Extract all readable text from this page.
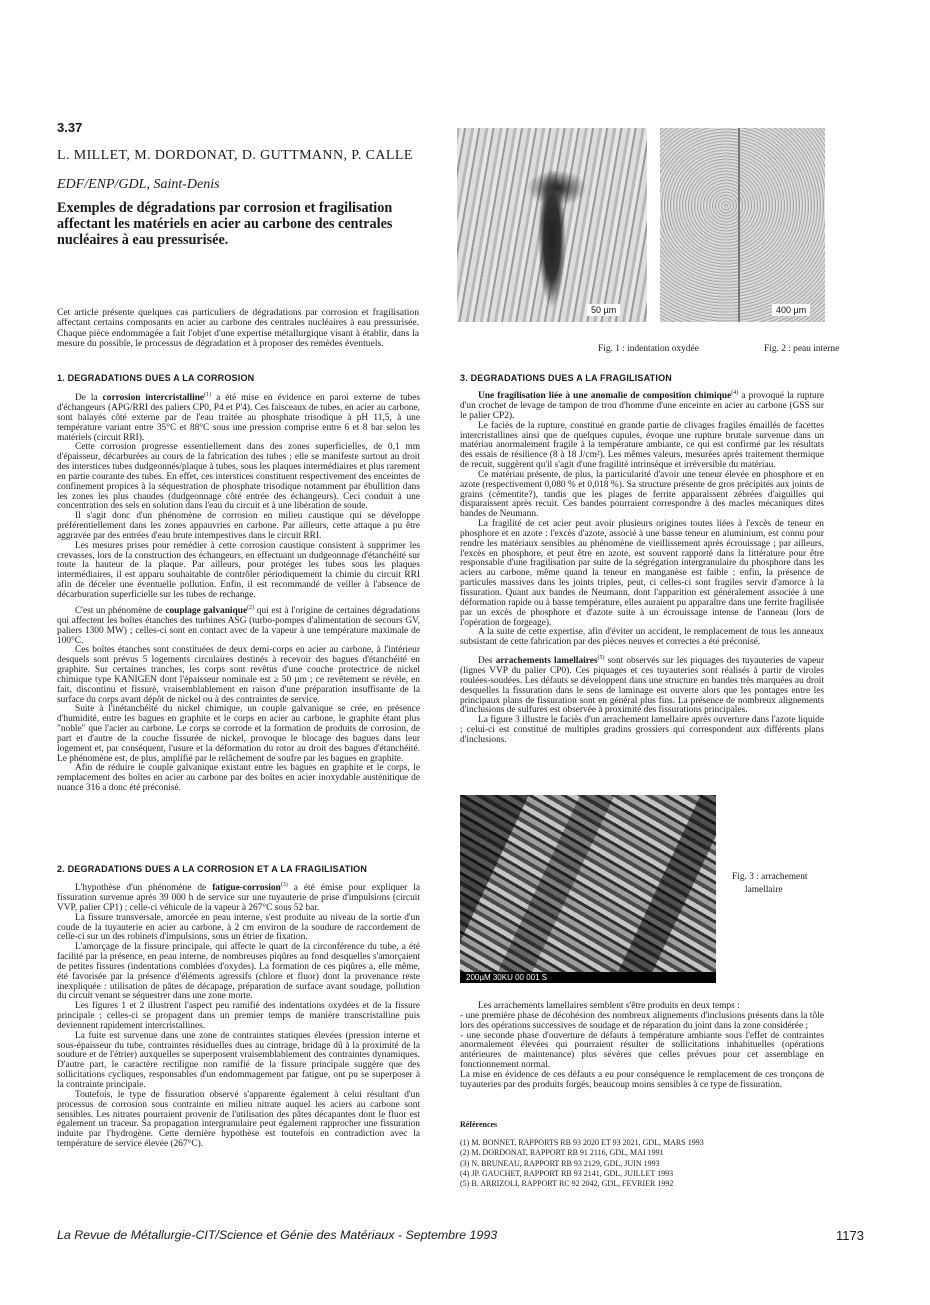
3.37
L. MILLET, M. DORDONAT, D. GUTTMANN, P. CALLE
EDF/ENP/GDL, Saint-Denis
Exemples de dégradations par corrosion et fragilisation affectant les matériels en acier au carbone des centrales nucléaires à eau pressurisée.
Cet article présente quelques cas particuliers de dégradations par corrosion et fragilisation affectant certains composants en acier au carbone des centrales nucléaires à eau pressurisée. Chaque pièce endommagée a fait l'objet d'une expertise métallurgique visant à établir, dans la mesure du possible, le processus de dégradation et à proposer des remèdes éventuels.
50 µm	400 µm
Fig. 1 : indentation oxydée	Fig. 2 : peau interne
1. DEGRADATIONS DUES A LA CORROSION

De la corrosion intercristalline$^{(1)}$ a été mise en évidence en paroi externe de tubes d'échangeurs (APG/RRI des paliers CP0, P4 et P'4). Ces faisceaux de tubes, en acier au carbone, sont balayés côté externe par de l'eau traitée au phosphate trisodique à pH 11,5, à une température variant entre 35°C et 88°C sous une pression comprise entre 6 et 8 bar selon les matériels (circuit RRI).

Cette corrosion progresse essentiellement dans des zones superficielles, de 0,1 mm d'épaisseur, décarburées au cours de la fabrication des tubes ; elle se manifeste surtout au droit des interstices tubes dudgeonnés/plaque à tubes, sous les plaques intermédiaires et plus rarement en partie courante des tubes. En effet, ces interstices constituent respectivement des enceintes de confinement propices à la séquestration de phosphate trisodique notamment par ébullition dans les zones les plus chaudes (dudgeonnage côté entrée des échangeurs). Ceci conduit à une concentration des sels en solution dans l'eau du circuit et à une libération de soude.

Il s'agit donc d'un phénomène de corrosion en milieu caustique qui se développe préférentiellement dans les zones appauvries en carbone. Par ailleurs, cette attaque a pu être aggravée par des entrées d'eau brute intempestives dans le circuit RRI.

Les mesures prises pour remédier à cette corrosion caustique consistent à supprimer les crevasses, lors de la construction des échangeurs, en effectuant un dudgeonnage d'étanchéité sur toute la hauteur de la plaque. Par ailleurs, pour protéger les tubes sous les plaques intermédiaires, il est apparu souhaitable de contrôler périodiquement la chimie du circuit RRI afin de déceler une éventuelle pollution. Enfin, il est recommandé de veiller à l'absence de décarburation superficielle sur les tubes de rechange.

C'est un phénomène de couplage galvanique$^{(2)}$ qui est à l'origine de certaines dégradations qui affectent les boîtes étanches des turbines ASG (turbo-pompes d'alimentation de secours GV, paliers 1300 MW) ; celles-ci sont en contact avec de la vapeur à une température maximale de 100°C.

Ces boîtes étanches sont constituées de deux demi-corps en acier au carbone, à l'intérieur desquels sont prévus 5 logements circulaires destinés à recevoir des bagues d'étanchéité en graphite. Sur certaines tranches, les corps sont revêtus d'une couche protectrice de nickel chimique type KANIGEN dont l'épaisseur nominale est ≥ 50 µm ; ce revêtement se révèle, en fait, discontinu et fissuré, vraisemblablement en raison d'une préparation insuffisante de la surface du corps avant dépôt de nickel ou à des contraintes de service.

Suite à l'inétanchéité du nickel chimique, un couple galvanique se crée, en présence d'humidité, entre les bagues en graphite et le corps en acier au carbone, le graphite étant plus "noble" que l'acier au carbone. Le corps se corrode et la formation de produits de corrosion, de part et d'autre de la couche fissurée de nickel, provoque le blocage des bagues dans leur logement et, par conséquent, l'usure et la déformation du rotor au droit des bagues d'étanchéité. Le phénomène est, de plus, amplifié par le relâchement de soufre par les bagues en graphite.

Afin de réduire le couple galvanique existant entre les bagues en graphite et le corps, le remplacement des boîtes en acier au carbone par des boîtes en acier inoxydable austénitique de nuance 316 a donc été préconisé.

2. DEGRADATIONS DUES A LA CORROSION ET A LA FRAGILISATION

L'hypothèse d'un phénomène de fatigue-corrosion$^{(3)}$ a été émise pour expliquer la fissuration survenue après 39 000 h de service sur une tuyauterie de prise d'impulsions (circuit VVP, palier CP1) ; celle-ci véhicule de la vapeur à 267°C sous 52 bar.

La fissure transversale, amorcée en peau interne, s'est produite au niveau de la sortie d'un coude de la tuyauterie en acier au carbone, à 2 cm environ de la soudure de raccordement de celle-ci sur un des robinets d'impulsions, sous un étrier de fixation.

L'amorçage de la fissure principale, qui affecte le quart de la circonférence du tube, a été facilité par la présence, en peau interne, de nombreuses piqûres au fond desquelles s'amorçaient de petites fissures (indentations comblées d'oxydes). La formation de ces piqûres a, elle même, été favorisée par la présence d'éléments agressifs (chlore et fluor) dont la provenance reste inexpliquée : utilisation de pâtes de décapage, préparation de surface avant soudage, pollution du circuit venant se séquestrer dans une zone morte.

Les figures 1 et 2 illustrent l'aspect peu ramifié des indentations oxydées et de la fissure principale ; celles-ci se propagent dans un premier temps de manière transcristalline puis deviennent rapidement intercristallines.

La fuite est survenue dans une zone de contraintes statiques élevées (pression interne et sous-épaisseur du tube, contraintes résiduelles dues au cintrage, bridage dû à la proximité de la soudure et de l'étrier) auxquelles se superposent vraisemblablement des contraintes dynamiques. D'autre part, le caractère rectiligne non ramifié de la fissure principale suggère que des sollicitations cycliques, responsables d'un endommagement par fatigue, ont pu se superposer à la contrainte principale.

Toutefois, le type de fissuration observé s'apparente également à celui résultant d'un processus de corrosion sous contrainte en milieu nitrate auquel les aciers au carbone sont sensibles. Les nitrates pourraient provenir de l'utilisation des pâtes décapantes dont le fluor est également un traceur. Sa propagation intergranulaire peut également rapprocher une fissuration induite par l'hydrogène. Cette dernière hypothèse est toutefois en contradiction avec la température de service élevée (267°C).

3. DEGRADATIONS DUES A LA FRAGILISATION

Une fragilisation liée à une anomalie de composition chimique$^{(4)}$ a provoqué la rupture d'un crochet de levage de tampon de trou d'homme d'une enceinte en acier au carbone (GSS sur le palier CP2).

Le faciès de la rupture, constitué en grande partie de clivages fragiles émaillés de facettes intercristallines ainsi que de quelques cupules, évoque une rupture brutale survenue dans un matériau anormalement fragile à la température ambiante, ce qui est confirmé par les résultats des essais de résilience (8 à 18 J/cm²). Les mêmes valeurs, mesurées après traitement thermique de recuit, suggèrent qu'il s'agit d'une fragilité intrinsèque et irréversible du matériau.

Ce matériau présente, de plus, la particularité d'avoir une teneur élevée en phosphore et en azote (respectivement 0,080 % et 0,018 %). Sa structure présente de gros précipités aux joints de grains (cémentite?), tandis que les plages de ferrite apparaissent zébrées d'aiguilles qui disparaissent après recuit. Ces bandes pourraient correspondre à des macles mécaniques dites bandes de Neumann.

La fragilité de cet acier peut avoir plusieurs origines toutes liées à l'excès de teneur en phosphore et en azote : l'excès d'azote, associé à une basse teneur en aluminium, est connu pour rendre les matériaux sensibles au phénomène de vieillissement après écrouissage ; par ailleurs, l'excès en phosphore, et peut être en azote, est souvent rapporté dans la littérature pour être responsable d'une fragilisation par suite de la ségrégation intergranulaire du phosphore dans les aciers au carbone, même quand la teneur en manganèse est faible ; enfin, la présence de particules massives dans les joints triples, peut, ci celles-ci sont fragiles servir d'amorce à la fissuration. Quant aux bandes de Neumann, dont l'apparition est généralement associée à une déformation rapide ou à basse température, elles auraient pu apparaître dans une ferrite fragilisée par un excès de phosphore et d'azote suite à un écrouissage intense de l'anneau (lors de l'opération de forgeage).

A la suite de cette expertise, afin d'éviter un accident, le remplacement de tous les anneaux subsistant de cette fabrication par des pièces neuves et correctes a été préconisé.

Des arrachements lamellaires$^{(5)}$ sont observés sur les piquages des tuyauteries de vapeur (lignes VVP du palier CP0). Ces piquages et ces tuyauteries sont réalisés à partir de viroles roulées-soudées. Les défauts se développent dans une structure en bandes très marquées au droit desquelles la fissuration dans le sens de laminage est ouverte alors que les pontages entre les principaux plans de fissuration sont en général plus fins. La présence de nombreux alignements d'inclusions de sulfures est observée à proximité des fissurations principales.

La figure 3 illustre le faciès d'un arrachement lamellaire après ouverture dans l'azote liquide ; celui-ci est constitué de multiples gradins grossiers qui correspondent aux différents plans d'inclusions.

200µM 30KU 00 001 S
Fig. 3 : arrachement
lamellaire

Les arrachements lamellaires semblent s'être produits en deux temps :

- une première phase de décohésion des nombreux alignements d'inclusions présents dans la tôle lors des opérations successives de soudage et de réparation du joint dans la zone considérée ;

- une seconde phase d'ouverture de défauts à température ambiante sous l'effet de contraintes anormalement élevées qui pourraient résulter de sollicitations inhabituelles (opérations antérieures de maintenance) plus sévères que celles prévues pour cet assemblage en fonctionnement normal.

La mise en évidence de ces défauts a eu pour conséquence le remplacement de ces tronçons de tuyauteries par des produits forgés, beaucoup moins sensibles à ce type de fissuration.

Références
(1) M. BONNET, RAPPORTS RB 93 2020 ET 93 2021, GDL, MARS 1993
(2) M. DORDONAT, RAPPORT RB 91 2116, GDL, MAI 1991
(3) N. BRUNEAU, RAPPORT RB 93 2129, GDL, JUIN 1993
(4) JP. GAUCHET, RAPPORT RB 93 2141, GDL, JUILLET 1993
(5) B. ARRIZOLI, RAPPORT RC 92 2042, GDL, FEVRIER 1992
La Revue de Métallurgie-CIT/Science et Génie des Matériaux - Septembre 1993	1173
